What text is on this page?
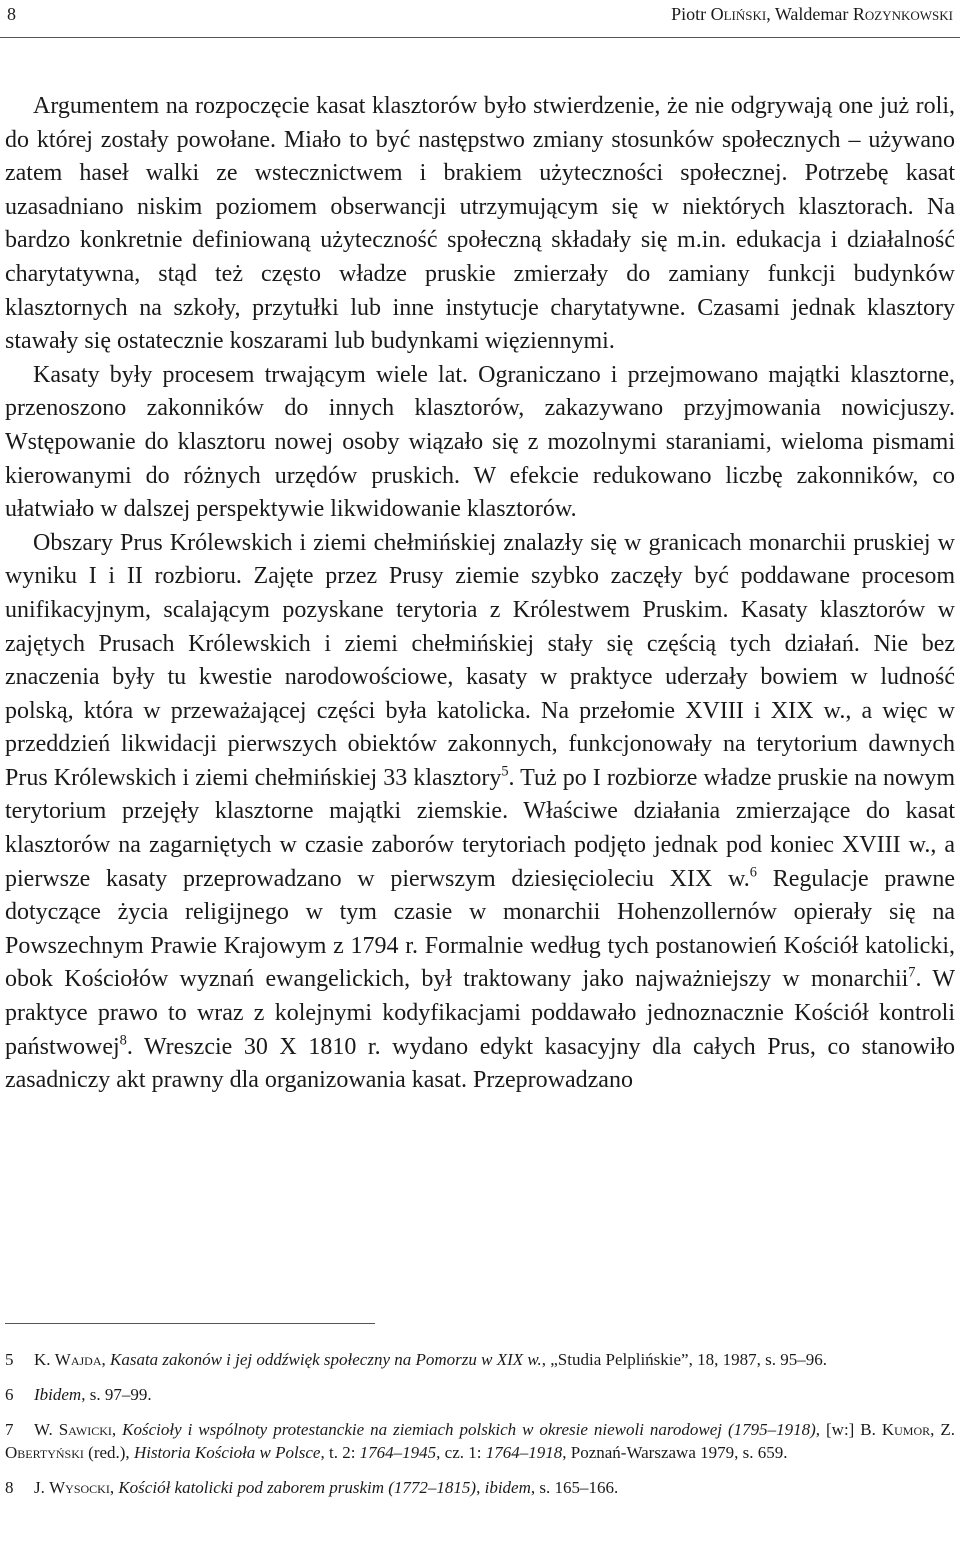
8	Piotr Oliński, Waldemar Rozynkowski

Argumentem na rozpoczęcie kasat klasztorów było stwierdzenie, że nie odgrywają one już roli, do której zostały powołane. Miało to być następstwo zmiany stosunków społecznych – używano zatem haseł walki ze wstecznictwem i brakiem użyteczności społecznej. Potrzebę kasat uzasadniano niskim poziomem obserwancji utrzymującym się w niektórych klasztorach. Na bardzo konkretnie definiowaną użyteczność społeczną składały się m.in. edukacja i działalność charytatywna, stąd też często władze pruskie zmierzały do zamiany funkcji budynków klasztornych na szkoły, przytułki lub inne instytucje charytatywne. Czasami jednak klasztory stawały się ostatecznie koszarami lub budynkami więziennymi.

Kasaty były procesem trwającym wiele lat. Ograniczano i przejmowano majątki klasztorne, przenoszono zakonników do innych klasztorów, zakazywano przyjmowania nowicjuszy. Wstępowanie do klasztoru nowej osoby wiązało się z mozolnymi staraniami, wieloma pismami kierowanymi do różnych urzędów pruskich. W efekcie redukowano liczbę zakonników, co ułatwiało w dalszej perspektywie likwidowanie klasztorów.

Obszary Prus Królewskich i ziemi chełmińskiej znalazły się w granicach monarchii pruskiej w wyniku I i II rozbioru. Zajęte przez Prusy ziemie szybko zaczęły być poddawane procesom unifikacyjnym, scalającym pozyskane terytoria z Królestwem Pruskim. Kasaty klasztorów w zajętych Prusach Królewskich i ziemi chełmińskiej stały się częścią tych działań. Nie bez znaczenia były tu kwestie narodowościowe, kasaty w praktyce uderzały bowiem w ludność polską, która w przeważającej części była katolicka. Na przełomie XVIII i XIX w., a więc w przeddzień likwidacji pierwszych obiektów zakonnych, funkcjonowały na terytorium dawnych Prus Królewskich i ziemi chełmińskiej 33 klasztory$^5$. Tuż po I rozbiorze władze pruskie na nowym terytorium przejęły klasztorne majątki ziemskie. Właściwe działania zmierzające do kasat klasztorów na zagarniętych w czasie zaborów terytoriach podjęto jednak pod koniec XVIII w., a pierwsze kasaty przeprowadzano w pierwszym dziesięcioleciu XIX w.$^6$ Regulacje prawne dotyczące życia religijnego w tym czasie w monarchii Hohenzollernów opierały się na Powszechnym Prawie Krajowym z 1794 r. Formalnie według tych postanowień Kościół katolicki, obok Kościołów wyznań ewangelickich, był traktowany jako najważniejszy w monarchii$^7$. W praktyce prawo to wraz z kolejnymi kodyfikacjami poddawało jednoznacznie Kościół kontroli państwowej$^8$. Wreszcie 30 X 1810 r. wydano edykt kasacyjny dla całych Prus, co stanowiło zasadniczy akt prawny dla organizowania kasat. Przeprowadzano

5 K. Wajda, Kasata zakonów i jej oddźwięk społeczny na Pomorzu w XIX w., „Studia Pelplińskie”, 18, 1987, s. 95–96.
6 Ibidem, s. 97–99.
7 W. Sawicki, Kościoły i wspólnoty protestanckie na ziemiach polskich w okresie niewoli narodowej (1795–1918), [w:] B. Kumor, Z. Obertyński (red.), Historia Kościoła w Polsce, t. 2: 1764–1945, cz. 1: 1764–1918, Poznań-Warszawa 1979, s. 659.
8 J. Wysocki, Kościół katolicki pod zaborem pruskim (1772–1815), ibidem, s. 165–166.
